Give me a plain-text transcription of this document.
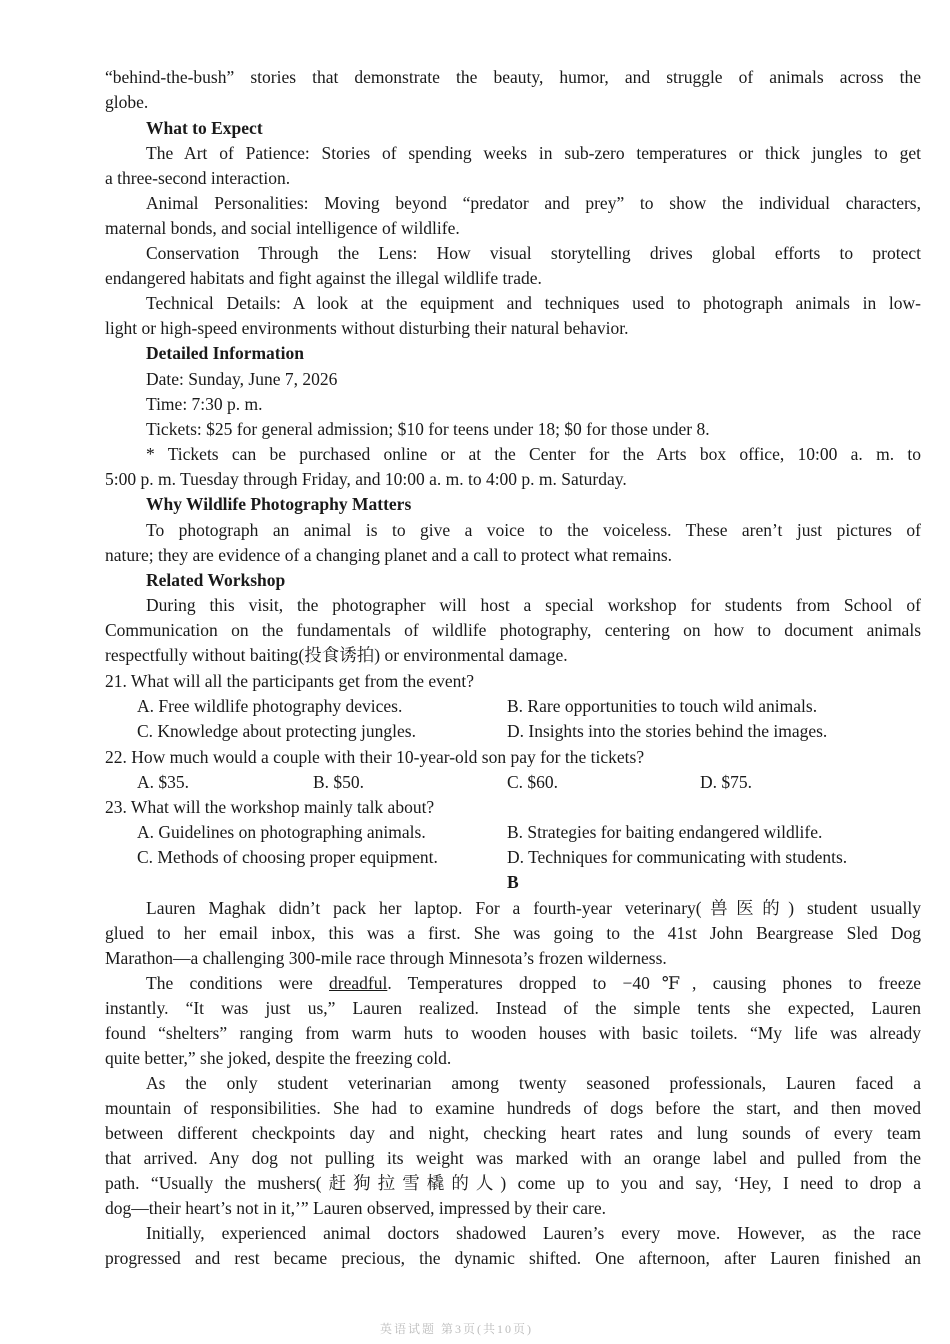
“behind-the-bush” stories that demonstrate the beauty, humor, and struggle of animals across the
globe.
What to Expect
The Art of Patience: Stories of spending weeks in sub-zero temperatures or thick jungles to get
a three-second interaction.
Animal Personalities: Moving beyond “predator and prey” to show the individual characters,
maternal bonds, and social intelligence of wildlife.
Conservation Through the Lens: How visual storytelling drives global efforts to protect
endangered habitats and fight against the illegal wildlife trade.
Technical Details: A look at the equipment and techniques used to photograph animals in low-
light or high-speed environments without disturbing their natural behavior.
Detailed Information
Date: Sunday, June 7, 2026
Time: 7:30 p. m.
Tickets: $25 for general admission; $10 for teens under 18; $0 for those under 8.
* Tickets can be purchased online or at the Center for the Arts box office, 10:00 a. m. to
5:00 p. m. Tuesday through Friday, and 10:00 a. m. to 4:00 p. m. Saturday.
Why Wildlife Photography Matters
To photograph an animal is to give a voice to the voiceless. These aren’t just pictures of
nature; they are evidence of a changing planet and a call to protect what remains.
Related Workshop
During this visit, the photographer will host a special workshop for students from School of
Communication on the fundamentals of wildlife photography, centering on how to document animals
respectfully without baiting(投食诱拍) or environmental damage.
21. What will all the participants get from the event?
A. Free wildlife photography devices.	B. Rare opportunities to touch wild animals.
C. Knowledge about protecting jungles.	D. Insights into the stories behind the images.
22. How much would a couple with their 10-year-old son pay for the tickets?
A. $35.	B. $50.	C. $60.	D. $75.
23. What will the workshop mainly talk about?
A. Guidelines on photographing animals.	B. Strategies for baiting endangered wildlife.
C. Methods of choosing proper equipment.	D. Techniques for communicating with students.
B
Lauren Maghak didn’t pack her laptop. For a fourth-year veterinary(兽医的) student usually
glued to her email inbox, this was a first. She was going to the 41st John Beargrease Sled Dog
Marathon—a challenging 300-mile race through Minnesota’s frozen wilderness.
The conditions were dreadful. Temperatures dropped to −40℉, causing phones to freeze
instantly. “It was just us,” Lauren realized. Instead of the simple tents she expected, Lauren
found “shelters” ranging from warm huts to wooden houses with basic toilets. “My life was already
quite better,” she joked, despite the freezing cold.
As the only student veterinarian among twenty seasoned professionals, Lauren faced a
mountain of responsibilities. She had to examine hundreds of dogs before the start, and then moved
between different checkpoints day and night, checking heart rates and lung sounds of every team
that arrived. Any dog not pulling its weight was marked with an orange label and pulled from the
path. “Usually the mushers(赶狗拉雪橇的人) come up to you and say, ‘Hey, I need to drop a
dog—their heart’s not in it,’” Lauren observed, impressed by their care.
Initially, experienced animal doctors shadowed Lauren’s every move. However, as the race
progressed and rest became precious, the dynamic shifted. One afternoon, after Lauren finished an
英语试题 第3页(共10页)
